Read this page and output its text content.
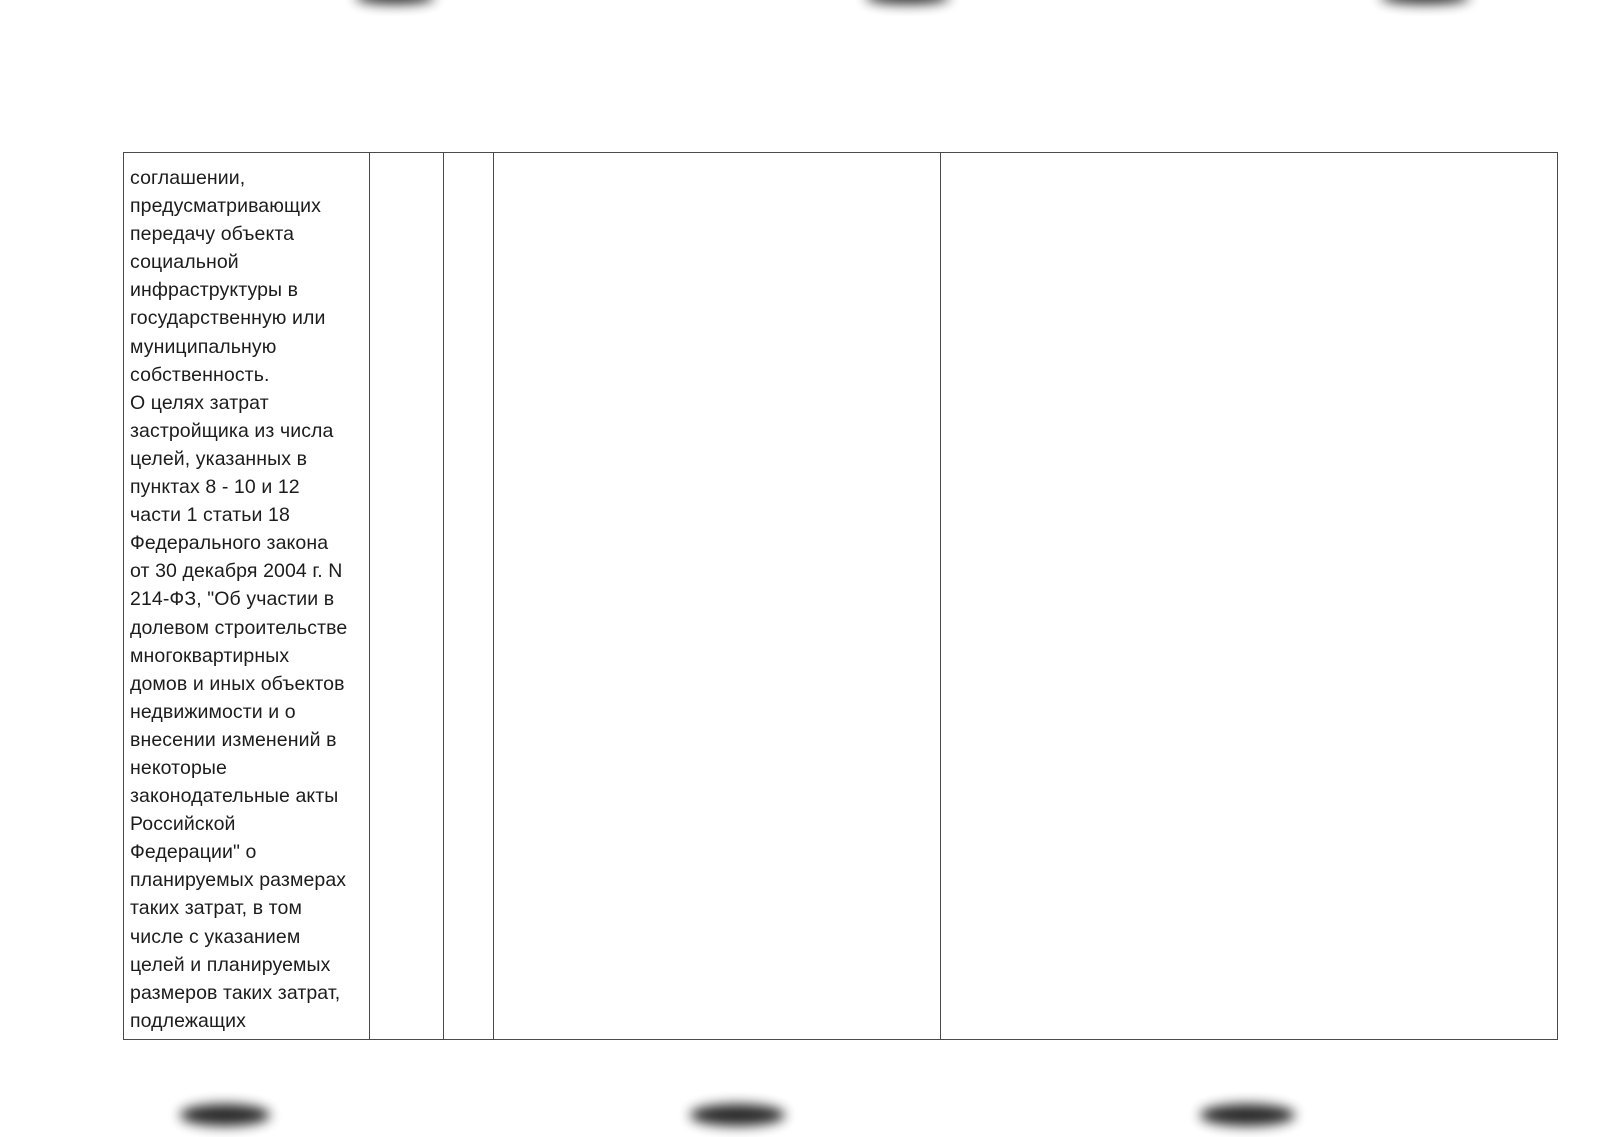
соглашении,
предусматривающих
передачу объекта
социальной
инфраструктуры в
государственную или
муниципальную
собственность.
О целях затрат
застройщика из числа
целей, указанных в
пунктах 8 - 10 и 12
части 1 статьи 18
Федерального закона
от 30 декабря 2004 г. N
214-ФЗ, "Об участии в
долевом строительстве
многоквартирных
домов и иных объектов
недвижимости и о
внесении изменений в
некоторые
законодательные акты
Российской
Федерации" о
планируемых размерах
таких затрат, в том
числе с указанием
целей и планируемых
размеров таких затрат,
подлежащих
